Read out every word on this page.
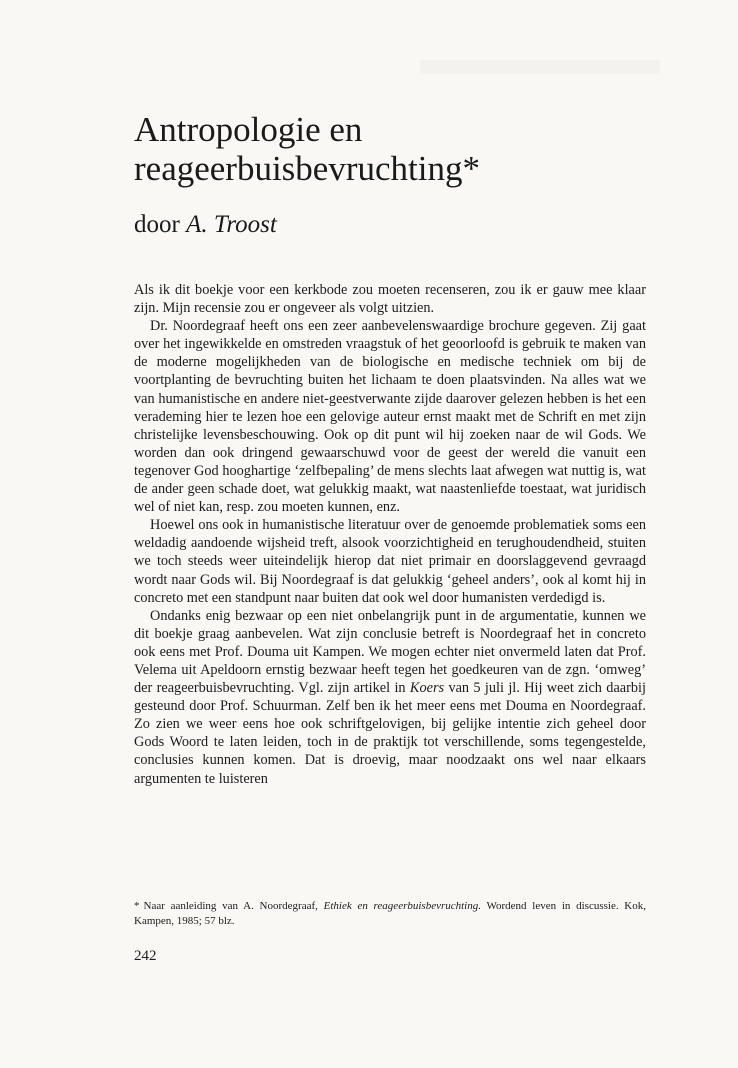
Antropologie en reageerbuisbevruchting*

door A. Troost

Als ik dit boekje voor een kerkbode zou moeten recenseren, zou ik er gauw mee klaar zijn. Mijn recensie zou er ongeveer als volgt uitzien.

Dr. Noordegraaf heeft ons een zeer aanbevelenswaardige brochure gegeven. Zij gaat over het ingewikkelde en omstreden vraagstuk of het geoorloofd is gebruik te maken van de moderne mogelijkheden van de biologische en medische techniek om bij de voortplanting de bevruchting buiten het lichaam te doen plaatsvinden. Na alles wat we van humanistische en andere niet-geestverwante zijde daarover gelezen hebben is het een verademing hier te lezen hoe een gelovige auteur ernst maakt met de Schrift en met zijn christelijke levensbeschouwing. Ook op dit punt wil hij zoeken naar de wil Gods. We worden dan ook dringend gewaarschuwd voor de geest der wereld die vanuit een tegenover God hooghartige ‘zelfbepaling’ de mens slechts laat afwegen wat nuttig is, wat de ander geen schade doet, wat gelukkig maakt, wat naastenliefde toestaat, wat juridisch wel of niet kan, resp. zou moeten kunnen, enz.

Hoewel ons ook in humanistische literatuur over de genoemde problematiek soms een weldadig aandoende wijsheid treft, alsook voorzichtigheid en terughoudendheid, stuiten we toch steeds weer uiteindelijk hierop dat niet primair en doorslaggevend gevraagd wordt naar Gods wil. Bij Noordegraaf is dat gelukkig ‘geheel anders’, ook al komt hij in concreto met een standpunt naar buiten dat ook wel door humanisten verdedigd is.

Ondanks enig bezwaar op een niet onbelangrijk punt in de argumentatie, kunnen we dit boekje graag aanbevelen. Wat zijn conclusie betreft is Noordegraaf het in concreto ook eens met Prof. Douma uit Kampen. We mogen echter niet onvermeld laten dat Prof. Velema uit Apeldoorn ernstig bezwaar heeft tegen het goedkeuren van de zgn. ‘omweg’ der reageerbuisbevruchting. Vgl. zijn artikel in Koers van 5 juli jl. Hij weet zich daarbij gesteund door Prof. Schuurman. Zelf ben ik het meer eens met Douma en Noordegraaf. Zo zien we weer eens hoe ook schriftgelovigen, bij gelijke intentie zich geheel door Gods Woord te laten leiden, toch in de praktijk tot verschillende, soms tegengestelde, conclusies kunnen komen. Dat is droevig, maar noodzaakt ons wel naar elkaars argumenten te luisteren

* Naar aanleiding van A. Noordegraaf, Ethiek en reageerbuisbevruchting. Wordend leven in discussie. Kok, Kampen, 1985; 57 blz.

242
